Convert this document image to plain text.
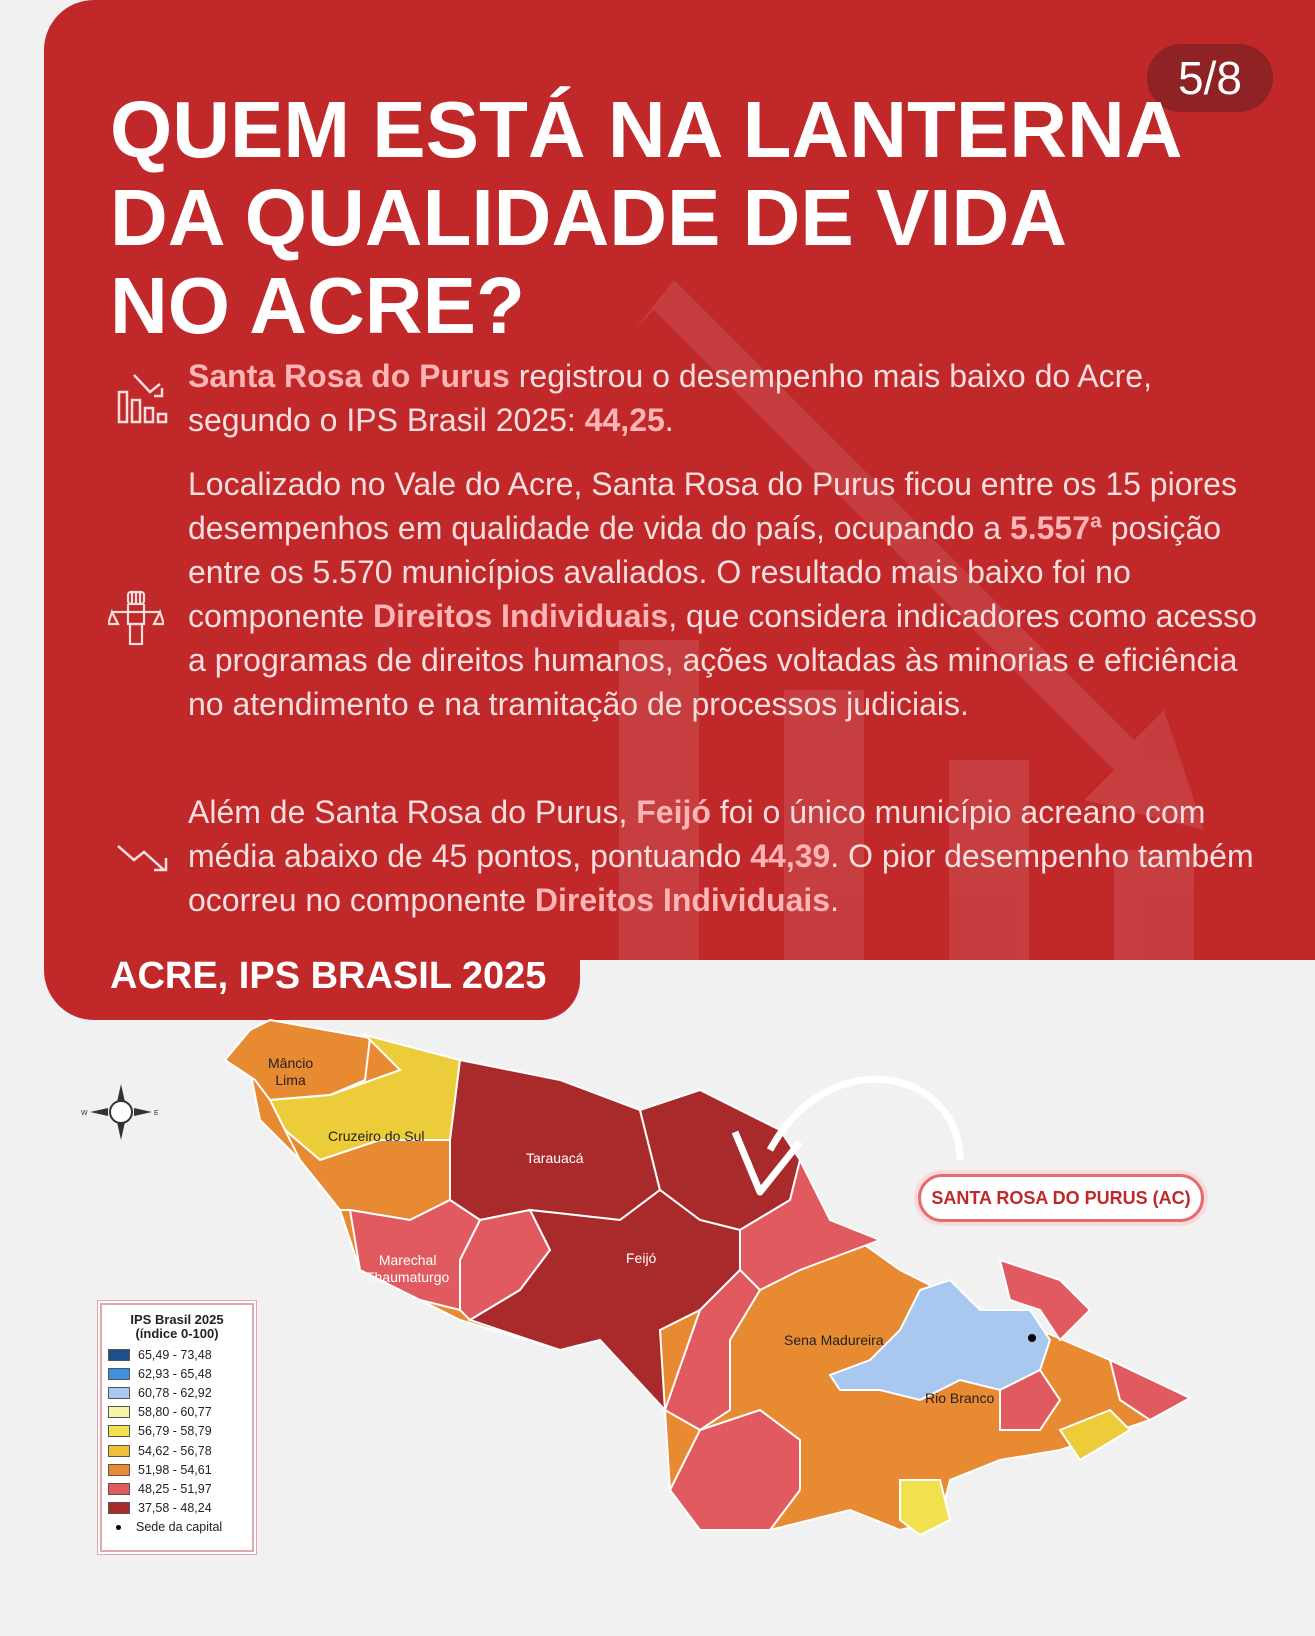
5/8
QUEM ESTÁ NA LANTERNA
DA QUALIDADE DE VIDA
NO ACRE?

Santa Rosa do Purus registrou o desempenho mais baixo do Acre, segundo o IPS Brasil 2025: 44,25.

Localizado no Vale do Acre, Santa Rosa do Purus ficou entre os 15 piores desempenhos em qualidade de vida do país, ocupando a 5.557ª posição entre os 5.570 municípios avaliados. O resultado mais baixo foi no componente Direitos Individuais, que considera indicadores como acesso a programas de direitos humanos, ações voltadas às minorias e eficiência no atendimento e na tramitação de processos judiciais.

Além de Santa Rosa do Purus, Feijó foi o único município acreano com média abaixo de 45 pontos, pontuando 44,39. O pior desempenho também ocorreu no componente Direitos Individuais.

ACRE, IPS BRASIL 2025
W	E
Mâncio
Lima
Cruzeiro do Sul
Tarauacá
Marechal
Thaumaturgo
Feijó
Sena Madureira
Rio Branco
SANTA ROSA DO PURUS (AC)
IPS Brasil 2025
(índice 0-100)
65,49 - 73,48
62,93 - 65,48
60,78 - 62,92
58,80 - 60,77
56,79 - 58,79
54,62 - 56,78
51,98 - 54,61
48,25 - 51,97
37,58 - 48,24
Sede da capital
